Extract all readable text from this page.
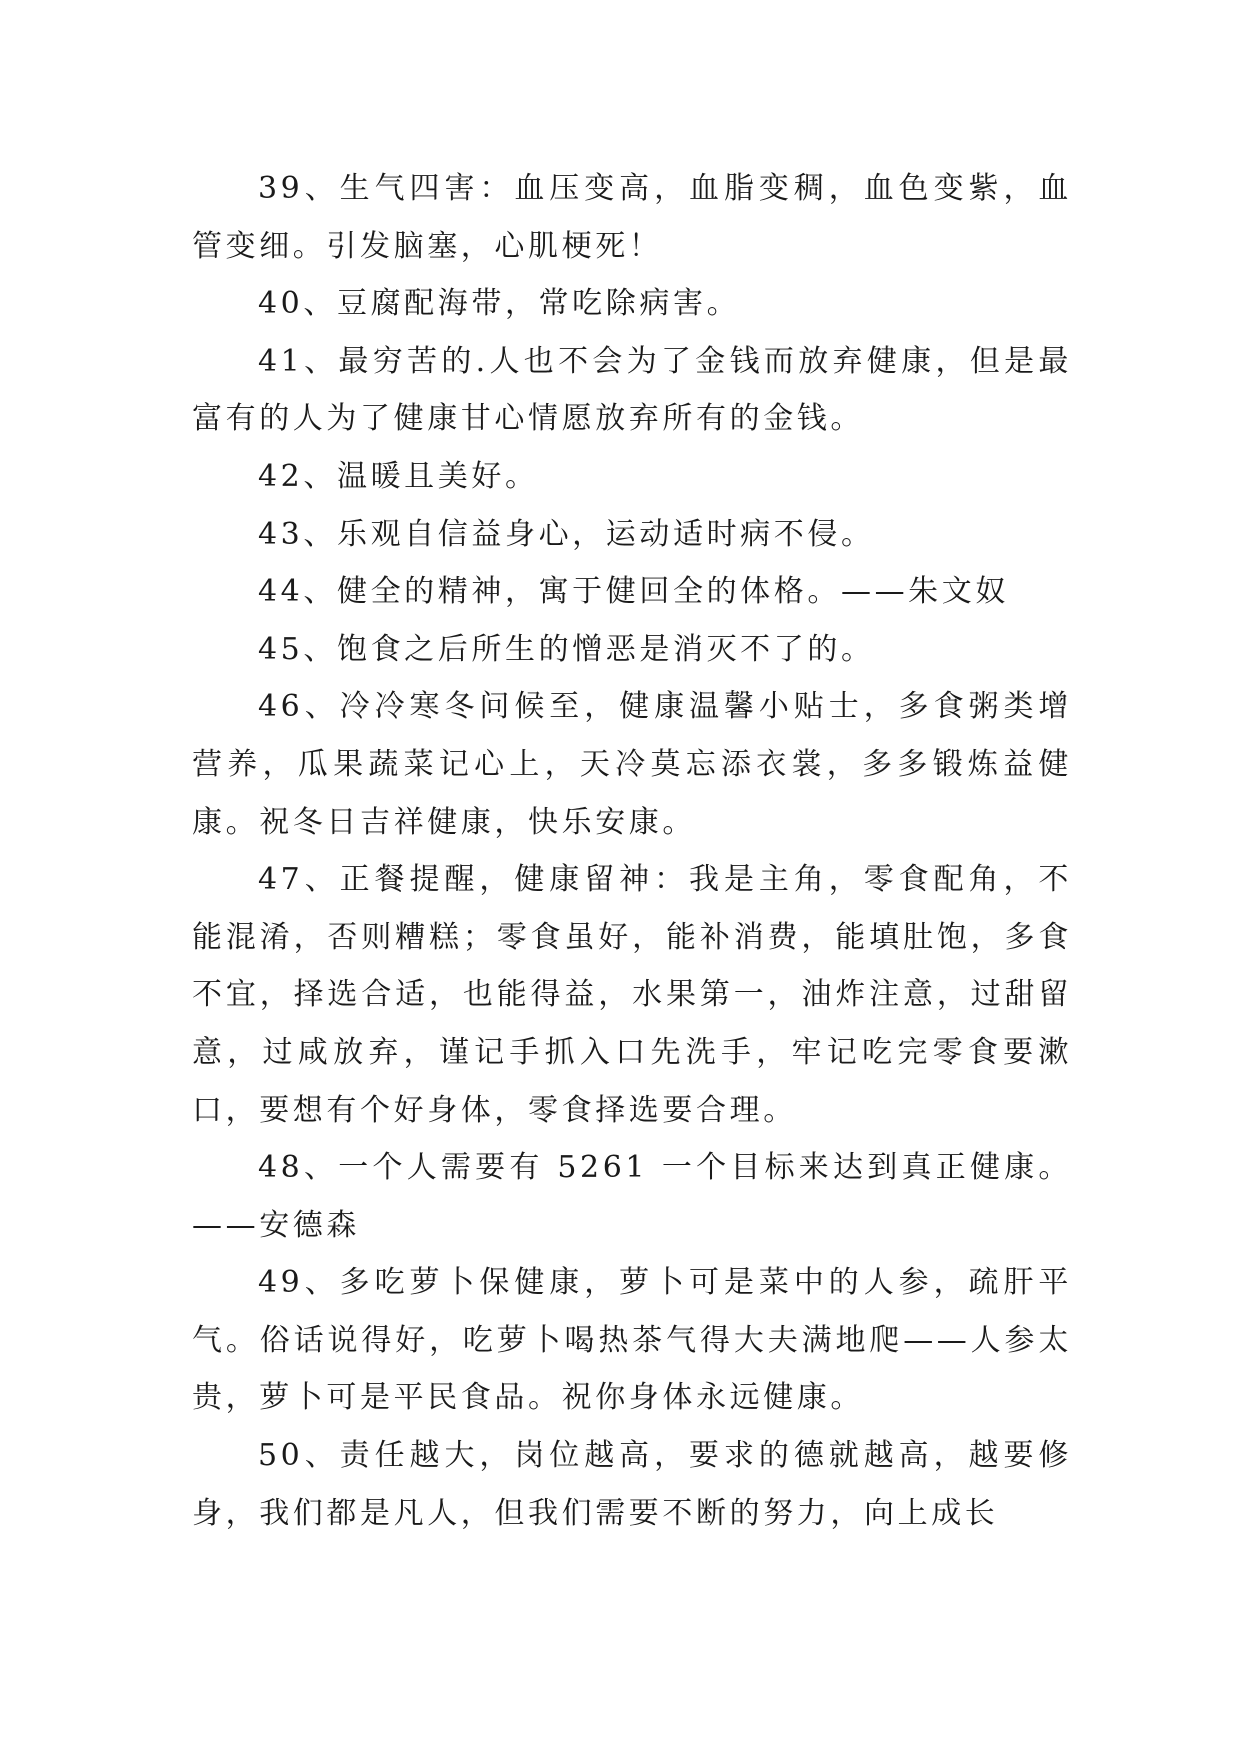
39、生气四害：血压变高，血脂变稠，血色变紫，血管变细。引发脑塞，心肌梗死！

40、豆腐配海带，常吃除病害。

41、最穷苦的.人也不会为了金钱而放弃健康，但是最富有的人为了健康甘心情愿放弃所有的金钱。

42、温暖且美好。

43、乐观自信益身心，运动适时病不侵。

44、健全的精神，寓于健回全的体格。——朱文奴

45、饱食之后所生的憎恶是消灭不了的。

46、冷冷寒冬问候至，健康温馨小贴士，多食粥类增营养，瓜果蔬菜记心上，天冷莫忘添衣裳，多多锻炼益健康。祝冬日吉祥健康，快乐安康。

47、正餐提醒，健康留神：我是主角，零食配角，不能混淆，否则糟糕；零食虽好，能补消费，能填肚饱，多食不宜，择选合适，也能得益，水果第一，油炸注意，过甜留意，过咸放弃，谨记手抓入口先洗手，牢记吃完零食要漱口，要想有个好身体，零食择选要合理。

48、一个人需要有 5261 一个目标来达到真正健康。——安德森

49、多吃萝卜保健康，萝卜可是菜中的人参，疏肝平气。俗话说得好，吃萝卜喝热茶气得大夫满地爬——人参太贵，萝卜可是平民食品。祝你身体永远健康。

50、责任越大，岗位越高，要求的德就越高，越要修身，我们都是凡人，但我们需要不断的努力，向上成长
